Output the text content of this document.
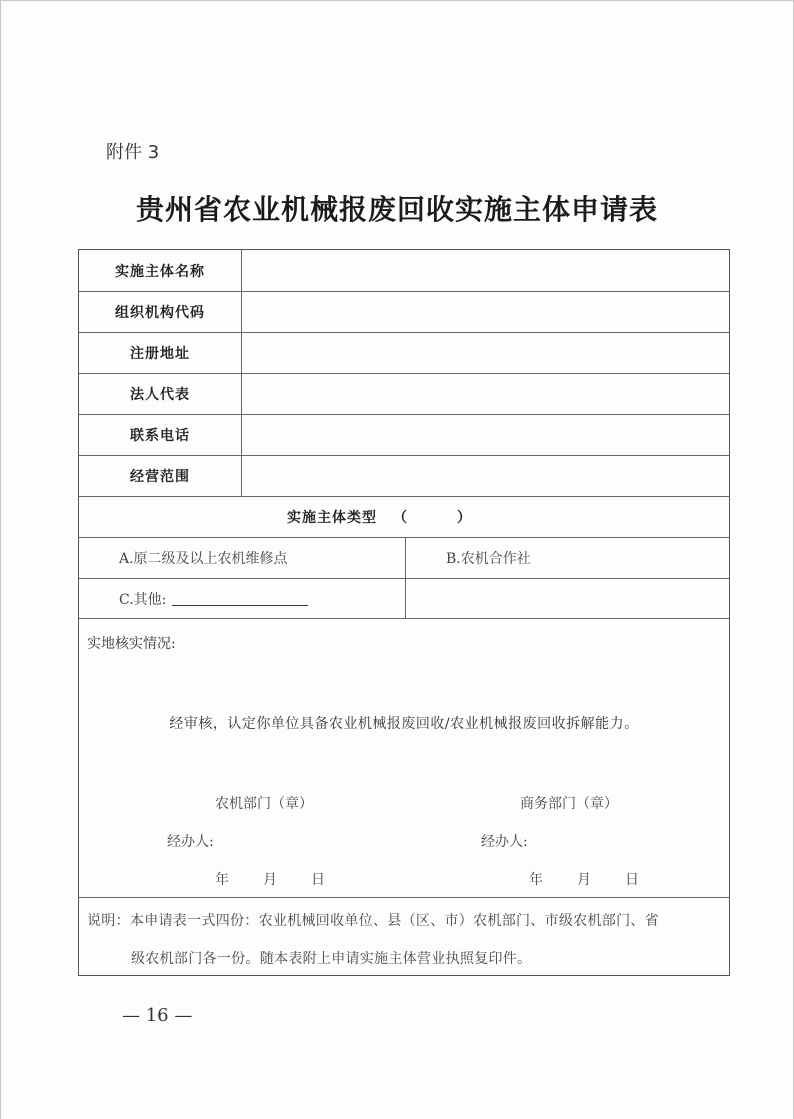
附件 3
贵州省农业机械报废回收实施主体申请表
实施主体名称
组织机构代码
注册地址
法人代表
联系电话
经营范围
实施主体类型 （）
A.原二级及以上农机维修点	B.农机合作社
C.其他:
实地核实情况:
经审核，认定你单位具备农业机械报废回收/农业机械报废回收拆解能力。
农机部门（章）	商务部门（章）
经办人:	经办人:
年 月 日	年 月 日
说明：本申请表一式四份：农业机械回收单位、县（区、市）农机部门、市级农机部门、省
级农机部门各一份。随本表附上申请实施主体营业执照复印件。
— 16 —
